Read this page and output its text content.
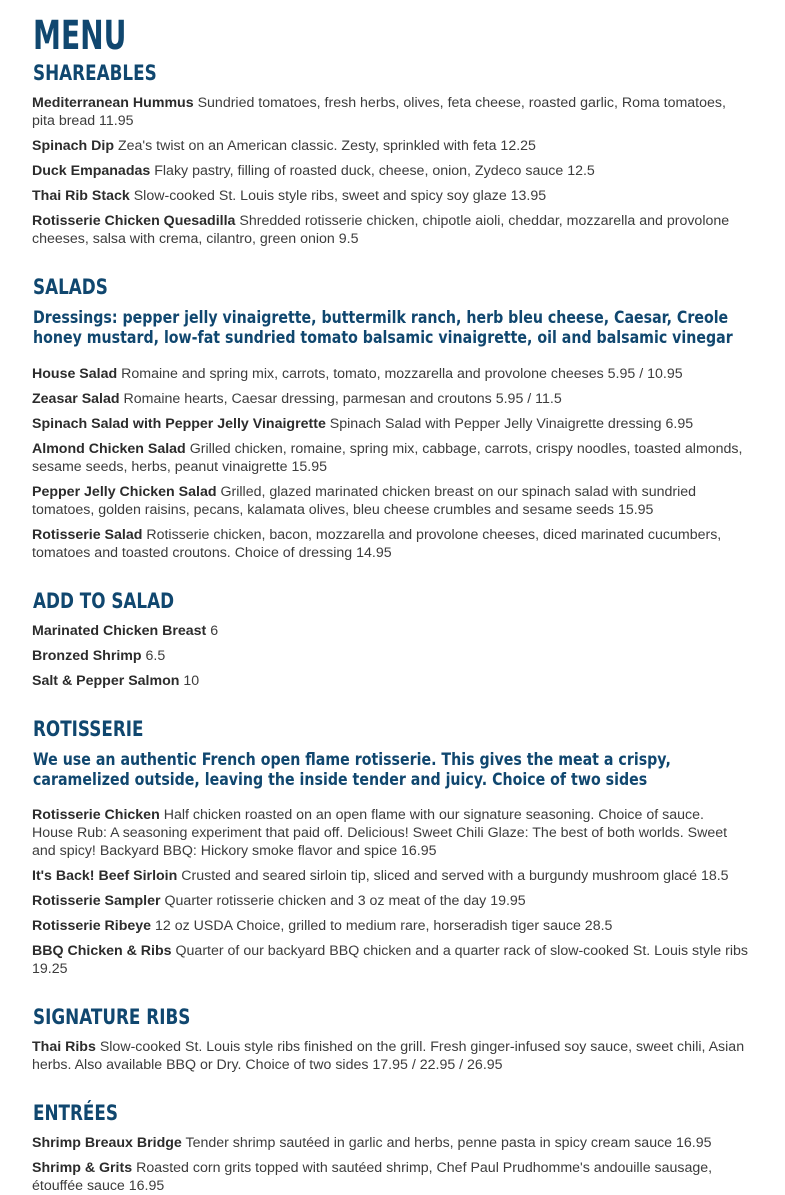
MENU
SHAREABLES
Mediterranean Hummus Sundried tomatoes, fresh herbs, olives, feta cheese, roasted garlic, Roma tomatoes, pita bread 11.95
Spinach Dip Zea's twist on an American classic. Zesty, sprinkled with feta 12.25
Duck Empanadas Flaky pastry, filling of roasted duck, cheese, onion, Zydeco sauce 12.5
Thai Rib Stack Slow-cooked St. Louis style ribs, sweet and spicy soy glaze 13.95
Rotisserie Chicken Quesadilla Shredded rotisserie chicken, chipotle aioli, cheddar, mozzarella and provolone cheeses, salsa with crema, cilantro, green onion 9.5
SALADS

Dressings: pepper jelly vinaigrette, buttermilk ranch, herb bleu cheese, Caesar, Creole honey mustard, low-fat sundried tomato balsamic vinaigrette, oil and balsamic vinegar

House Salad Romaine and spring mix, carrots, tomato, mozzarella and provolone cheeses 5.95 / 10.95
Zeasar Salad Romaine hearts, Caesar dressing, parmesan and croutons 5.95 / 11.5
Spinach Salad with Pepper Jelly Vinaigrette Spinach Salad with Pepper Jelly Vinaigrette dressing 6.95
Almond Chicken Salad Grilled chicken, romaine, spring mix, cabbage, carrots, crispy noodles, toasted almonds, sesame seeds, herbs, peanut vinaigrette 15.95
Pepper Jelly Chicken Salad Grilled, glazed marinated chicken breast on our spinach salad with sundried tomatoes, golden raisins, pecans, kalamata olives, bleu cheese crumbles and sesame seeds 15.95
Rotisserie Salad Rotisserie chicken, bacon, mozzarella and provolone cheeses, diced marinated cucumbers, tomatoes and toasted croutons. Choice of dressing 14.95
ADD TO SALAD
Marinated Chicken Breast 6
Bronzed Shrimp 6.5
Salt & Pepper Salmon 10
ROTISSERIE

We use an authentic French open flame rotisserie. This gives the meat a crispy, caramelized outside, leaving the inside tender and juicy. Choice of two sides

Rotisserie Chicken Half chicken roasted on an open flame with our signature seasoning. Choice of sauce. House Rub: A seasoning experiment that paid off. Delicious! Sweet Chili Glaze: The best of both worlds. Sweet and spicy! Backyard BBQ: Hickory smoke flavor and spice 16.95
It's Back! Beef Sirloin Crusted and seared sirloin tip, sliced and served with a burgundy mushroom glacé 18.5
Rotisserie Sampler Quarter rotisserie chicken and 3 oz meat of the day 19.95
Rotisserie Ribeye 12 oz USDA Choice, grilled to medium rare, horseradish tiger sauce 28.5
BBQ Chicken & Ribs Quarter of our backyard BBQ chicken and a quarter rack of slow-cooked St. Louis style ribs 19.25
SIGNATURE RIBS
Thai Ribs Slow-cooked St. Louis style ribs finished on the grill. Fresh ginger-infused soy sauce, sweet chili, Asian herbs. Also available BBQ or Dry. Choice of two sides 17.95 / 22.95 / 26.95
ENTRÉES
Shrimp Breaux Bridge Tender shrimp sautéed in garlic and herbs, penne pasta in spicy cream sauce 16.95
Shrimp & Grits Roasted corn grits topped with sautéed shrimp, Chef Paul Prudhomme's andouille sausage, étouffée sauce 16.95
